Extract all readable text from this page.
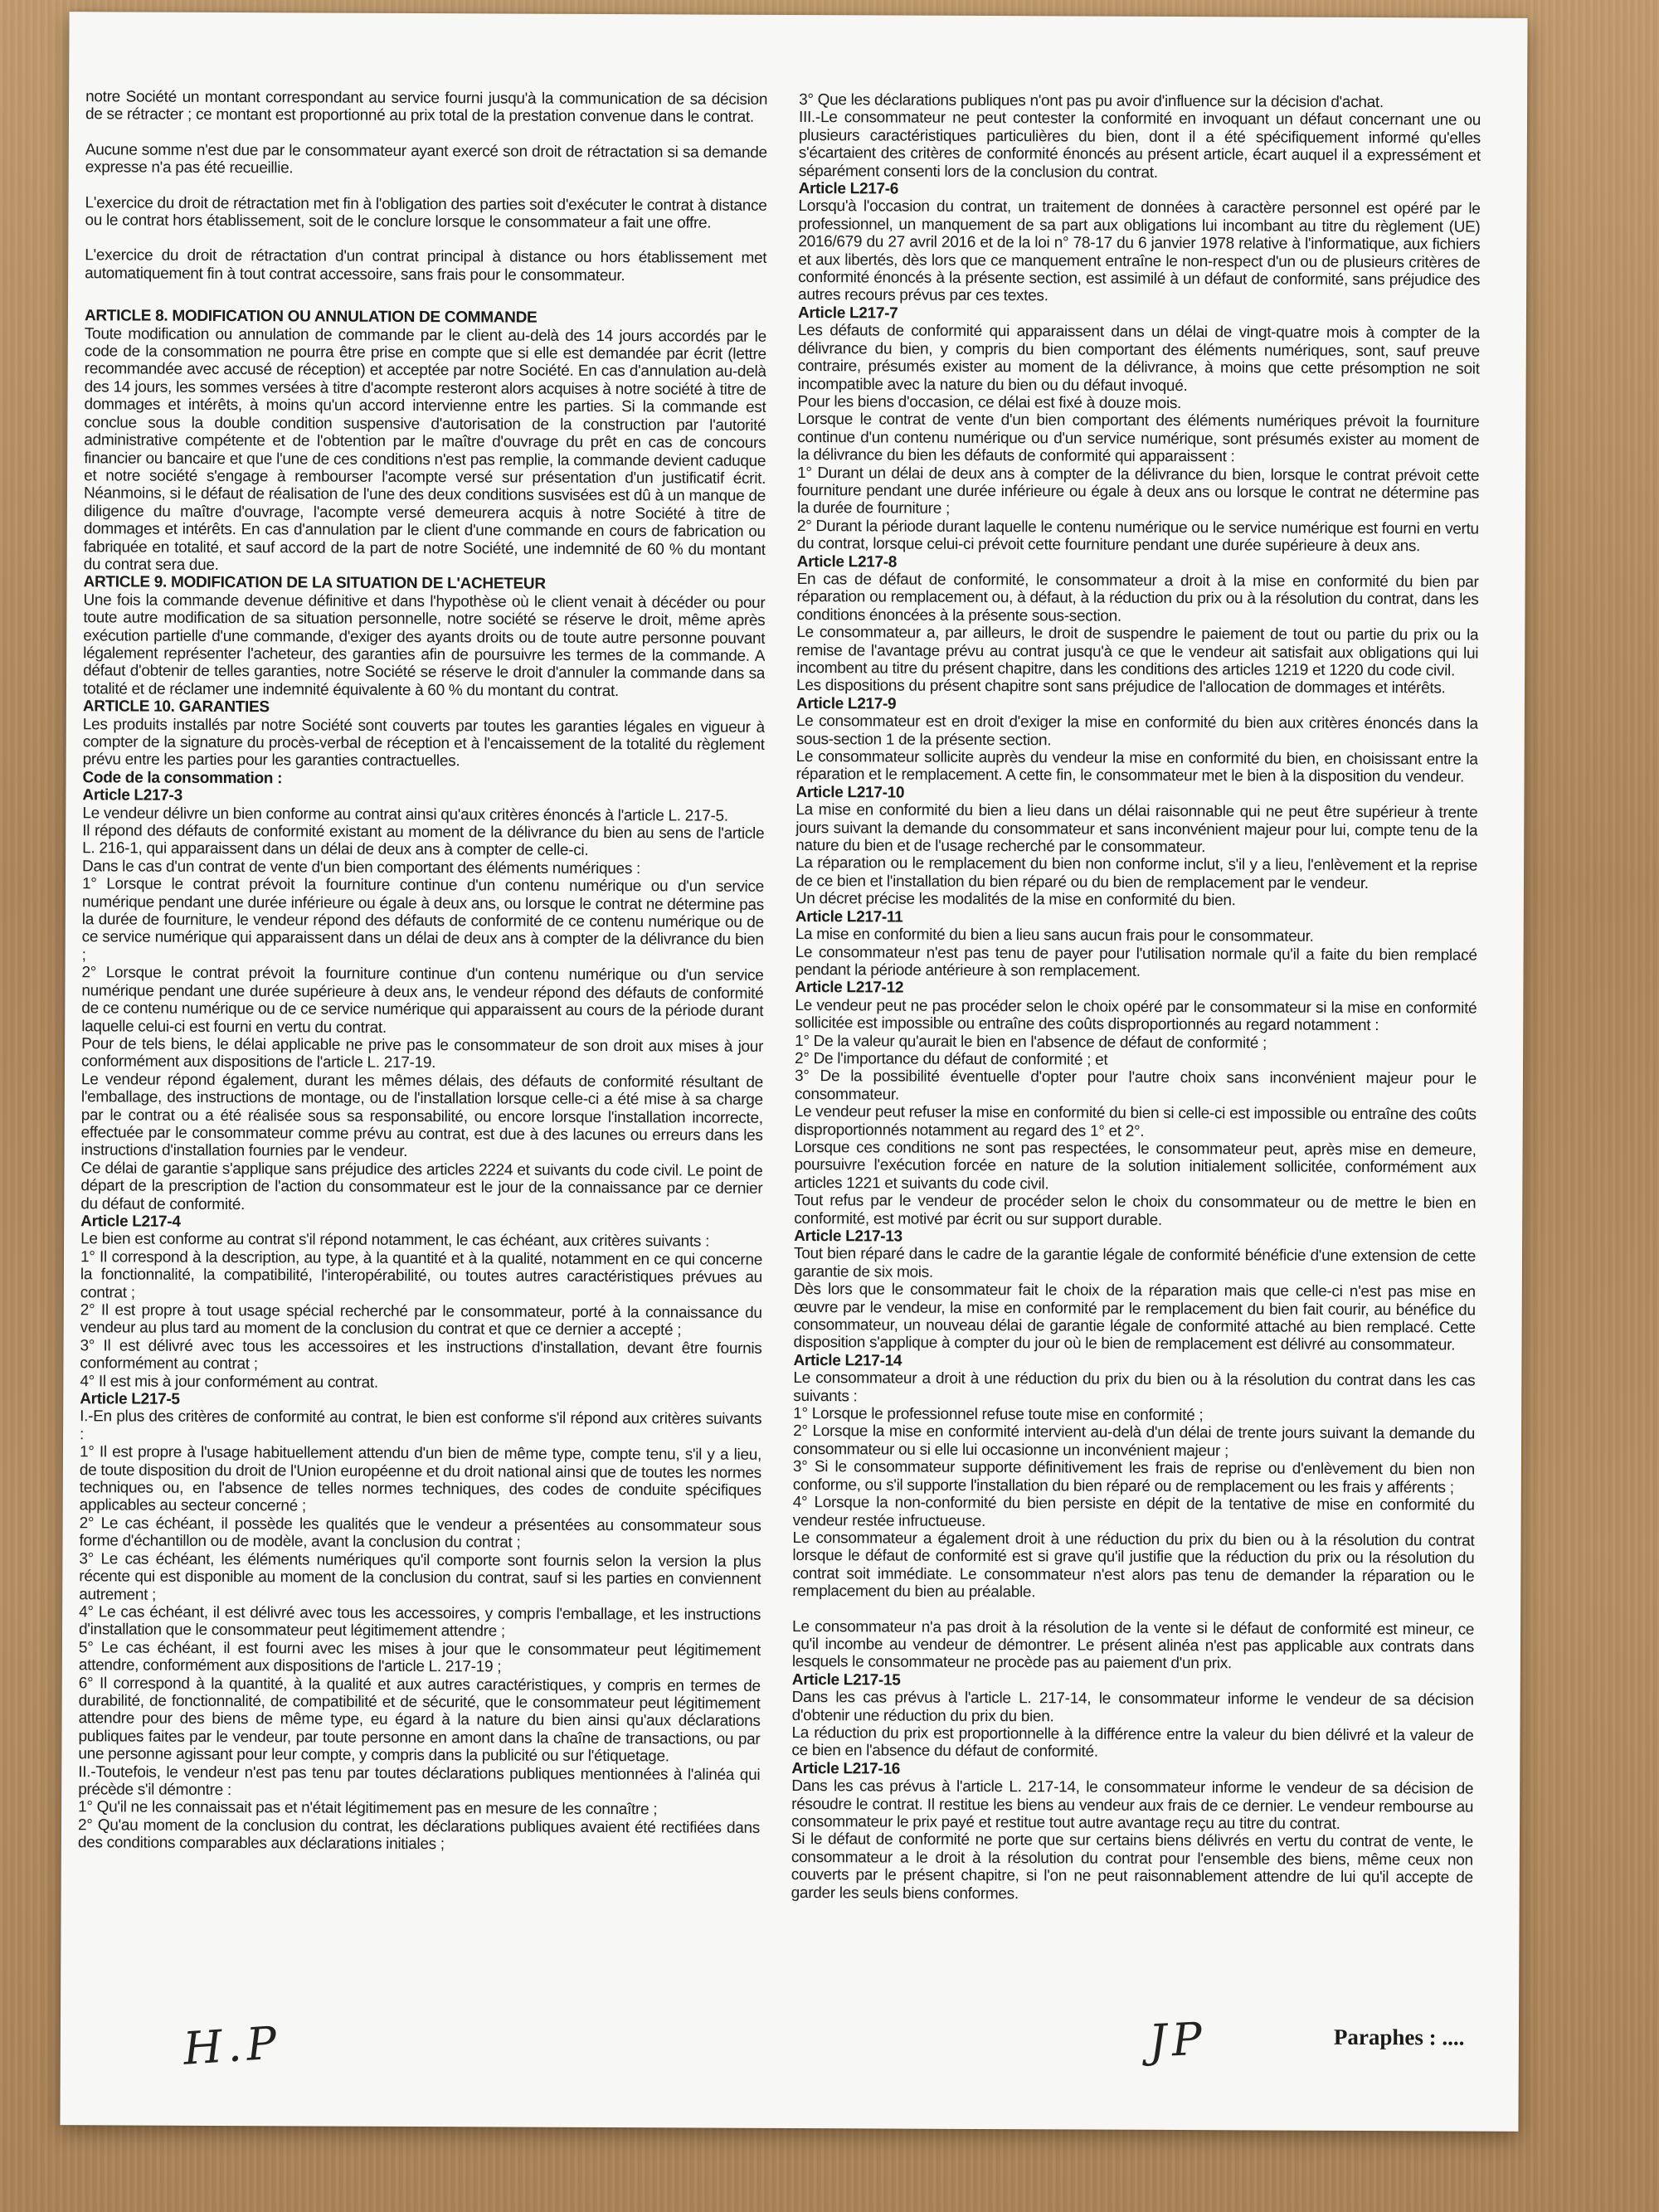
notre Société un montant correspondant au service fourni jusqu'à la communication de sa décision de se rétracter ; ce montant est proportionné au prix total de la prestation convenue dans le contrat.
Aucune somme n'est due par le consommateur ayant exercé son droit de rétractation si sa demande expresse n'a pas été recueillie.
L'exercice du droit de rétractation met fin à l'obligation des parties soit d'exécuter le contrat à distance ou le contrat hors établissement, soit de le conclure lorsque le consommateur a fait une offre.
L'exercice du droit de rétractation d'un contrat principal à distance ou hors établissement met automatiquement fin à tout contrat accessoire, sans frais pour le consommateur.
ARTICLE 8. MODIFICATION OU ANNULATION DE COMMANDE
Toute modification ou annulation de commande par le client au-delà des 14 jours accordés par le code de la consommation ne pourra être prise en compte que si elle est demandée par écrit (lettre recommandée avec accusé de réception) et acceptée par notre Société. En cas d'annulation au-delà des 14 jours, les sommes versées à titre d'acompte resteront alors acquises à notre société à titre de dommages et intérêts, à moins qu'un accord intervienne entre les parties. Si la commande est conclue sous la double condition suspensive d'autorisation de la construction par l'autorité administrative compétente et de l'obtention par le maître d'ouvrage du prêt en cas de concours financier ou bancaire et que l'une de ces conditions n'est pas remplie, la commande devient caduque et notre société s'engage à rembourser l'acompte versé sur présentation d'un justificatif écrit. Néanmoins, si le défaut de réalisation de l'une des deux conditions susvisées est dû à un manque de diligence du maître d'ouvrage, l'acompte versé demeurera acquis à notre Société à titre de dommages et intérêts. En cas d'annulation par le client d'une commande en cours de fabrication ou fabriquée en totalité, et sauf accord de la part de notre Société, une indemnité de 60 % du montant du contrat sera due.
ARTICLE 9. MODIFICATION DE LA SITUATION DE L'ACHETEUR
Une fois la commande devenue définitive et dans l'hypothèse où le client venait à décéder ou pour toute autre modification de sa situation personnelle, notre société se réserve le droit, même après exécution partielle d'une commande, d'exiger des ayants droits ou de toute autre personne pouvant légalement représenter l'acheteur, des garanties afin de poursuivre les termes de la commande. A défaut d'obtenir de telles garanties, notre Société se réserve le droit d'annuler la commande dans sa totalité et de réclamer une indemnité équivalente à 60 % du montant du contrat.
ARTICLE 10. GARANTIES
Les produits installés par notre Société sont couverts par toutes les garanties légales en vigueur à compter de la signature du procès-verbal de réception et à l'encaissement de la totalité du règlement prévu entre les parties pour les garanties contractuelles.
Code de la consommation :
Article L217-3
Le vendeur délivre un bien conforme au contrat ainsi qu'aux critères énoncés à l'article L. 217-5.
Il répond des défauts de conformité existant au moment de la délivrance du bien au sens de l'article L. 216-1, qui apparaissent dans un délai de deux ans à compter de celle-ci.
Dans le cas d'un contrat de vente d'un bien comportant des éléments numériques :
1° Lorsque le contrat prévoit la fourniture continue d'un contenu numérique ou d'un service numérique pendant une durée inférieure ou égale à deux ans, ou lorsque le contrat ne détermine pas la durée de fourniture, le vendeur répond des défauts de conformité de ce contenu numérique ou de ce service numérique qui apparaissent dans un délai de deux ans à compter de la délivrance du bien ;
2° Lorsque le contrat prévoit la fourniture continue d'un contenu numérique ou d'un service numérique pendant une durée supérieure à deux ans, le vendeur répond des défauts de conformité de ce contenu numérique ou de ce service numérique qui apparaissent au cours de la période durant laquelle celui-ci est fourni en vertu du contrat.
Pour de tels biens, le délai applicable ne prive pas le consommateur de son droit aux mises à jour conformément aux dispositions de l'article L. 217-19.
Le vendeur répond également, durant les mêmes délais, des défauts de conformité résultant de l'emballage, des instructions de montage, ou de l'installation lorsque celle-ci a été mise à sa charge par le contrat ou a été réalisée sous sa responsabilité, ou encore lorsque l'installation incorrecte, effectuée par le consommateur comme prévu au contrat, est due à des lacunes ou erreurs dans les instructions d'installation fournies par le vendeur.
Ce délai de garantie s'applique sans préjudice des articles 2224 et suivants du code civil. Le point de départ de la prescription de l'action du consommateur est le jour de la connaissance par ce dernier du défaut de conformité.
Article L217-4
Le bien est conforme au contrat s'il répond notamment, le cas échéant, aux critères suivants :
1° Il correspond à la description, au type, à la quantité et à la qualité, notamment en ce qui concerne la fonctionnalité, la compatibilité, l'interopérabilité, ou toutes autres caractéristiques prévues au contrat ;
2° Il est propre à tout usage spécial recherché par le consommateur, porté à la connaissance du vendeur au plus tard au moment de la conclusion du contrat et que ce dernier a accepté ;
3° Il est délivré avec tous les accessoires et les instructions d'installation, devant être fournis conformément au contrat ;
4° Il est mis à jour conformément au contrat.
Article L217-5
I.-En plus des critères de conformité au contrat, le bien est conforme s'il répond aux critères suivants :
1° Il est propre à l'usage habituellement attendu d'un bien de même type, compte tenu, s'il y a lieu, de toute disposition du droit de l'Union européenne et du droit national ainsi que de toutes les normes techniques ou, en l'absence de telles normes techniques, des codes de conduite spécifiques applicables au secteur concerné ;
2° Le cas échéant, il possède les qualités que le vendeur a présentées au consommateur sous forme d'échantillon ou de modèle, avant la conclusion du contrat ;
3° Le cas échéant, les éléments numériques qu'il comporte sont fournis selon la version la plus récente qui est disponible au moment de la conclusion du contrat, sauf si les parties en conviennent autrement ;
4° Le cas échéant, il est délivré avec tous les accessoires, y compris l'emballage, et les instructions d'installation que le consommateur peut légitimement attendre ;
5° Le cas échéant, il est fourni avec les mises à jour que le consommateur peut légitimement attendre, conformément aux dispositions de l'article L. 217-19 ;
6° Il correspond à la quantité, à la qualité et aux autres caractéristiques, y compris en termes de durabilité, de fonctionnalité, de compatibilité et de sécurité, que le consommateur peut légitimement attendre pour des biens de même type, eu égard à la nature du bien ainsi qu'aux déclarations publiques faites par le vendeur, par toute personne en amont dans la chaîne de transactions, ou par une personne agissant pour leur compte, y compris dans la publicité ou sur l'étiquetage.
II.-Toutefois, le vendeur n'est pas tenu par toutes déclarations publiques mentionnées à l'alinéa qui précède s'il démontre :
1° Qu'il ne les connaissait pas et n'était légitimement pas en mesure de les connaître ;
2° Qu'au moment de la conclusion du contrat, les déclarations publiques avaient été rectifiées dans des conditions comparables aux déclarations initiales ;
3° Que les déclarations publiques n'ont pas pu avoir d'influence sur la décision d'achat.
III.-Le consommateur ne peut contester la conformité en invoquant un défaut concernant une ou plusieurs caractéristiques particulières du bien, dont il a été spécifiquement informé qu'elles s'écartaient des critères de conformité énoncés au présent article, écart auquel il a expressément et séparément consenti lors de la conclusion du contrat.
Article L217-6
Lorsqu'à l'occasion du contrat, un traitement de données à caractère personnel est opéré par le professionnel, un manquement de sa part aux obligations lui incombant au titre du règlement (UE) 2016/679 du 27 avril 2016 et de la loi n° 78-17 du 6 janvier 1978 relative à l'informatique, aux fichiers et aux libertés, dès lors que ce manquement entraîne le non-respect d'un ou de plusieurs critères de conformité énoncés à la présente section, est assimilé à un défaut de conformité, sans préjudice des autres recours prévus par ces textes.
Article L217-7
Les défauts de conformité qui apparaissent dans un délai de vingt-quatre mois à compter de la délivrance du bien, y compris du bien comportant des éléments numériques, sont, sauf preuve contraire, présumés exister au moment de la délivrance, à moins que cette présomption ne soit incompatible avec la nature du bien ou du défaut invoqué.
Pour les biens d'occasion, ce délai est fixé à douze mois.
Lorsque le contrat de vente d'un bien comportant des éléments numériques prévoit la fourniture continue d'un contenu numérique ou d'un service numérique, sont présumés exister au moment de la délivrance du bien les défauts de conformité qui apparaissent :
1° Durant un délai de deux ans à compter de la délivrance du bien, lorsque le contrat prévoit cette fourniture pendant une durée inférieure ou égale à deux ans ou lorsque le contrat ne détermine pas la durée de fourniture ;
2° Durant la période durant laquelle le contenu numérique ou le service numérique est fourni en vertu du contrat, lorsque celui-ci prévoit cette fourniture pendant une durée supérieure à deux ans.
Article L217-8
En cas de défaut de conformité, le consommateur a droit à la mise en conformité du bien par réparation ou remplacement ou, à défaut, à la réduction du prix ou à la résolution du contrat, dans les conditions énoncées à la présente sous-section.
Le consommateur a, par ailleurs, le droit de suspendre le paiement de tout ou partie du prix ou la remise de l'avantage prévu au contrat jusqu'à ce que le vendeur ait satisfait aux obligations qui lui incombent au titre du présent chapitre, dans les conditions des articles 1219 et 1220 du code civil.
Les dispositions du présent chapitre sont sans préjudice de l'allocation de dommages et intérêts.
Article L217-9
Le consommateur est en droit d'exiger la mise en conformité du bien aux critères énoncés dans la sous-section 1 de la présente section.
Le consommateur sollicite auprès du vendeur la mise en conformité du bien, en choisissant entre la réparation et le remplacement. A cette fin, le consommateur met le bien à la disposition du vendeur.
Article L217-10
La mise en conformité du bien a lieu dans un délai raisonnable qui ne peut être supérieur à trente jours suivant la demande du consommateur et sans inconvénient majeur pour lui, compte tenu de la nature du bien et de l'usage recherché par le consommateur.
La réparation ou le remplacement du bien non conforme inclut, s'il y a lieu, l'enlèvement et la reprise de ce bien et l'installation du bien réparé ou du bien de remplacement par le vendeur.
Un décret précise les modalités de la mise en conformité du bien.
Article L217-11
La mise en conformité du bien a lieu sans aucun frais pour le consommateur.
Le consommateur n'est pas tenu de payer pour l'utilisation normale qu'il a faite du bien remplacé pendant la période antérieure à son remplacement.
Article L217-12
Le vendeur peut ne pas procéder selon le choix opéré par le consommateur si la mise en conformité sollicitée est impossible ou entraîne des coûts disproportionnés au regard notamment :
1° De la valeur qu'aurait le bien en l'absence de défaut de conformité ;
2° De l'importance du défaut de conformité ; et
3° De la possibilité éventuelle d'opter pour l'autre choix sans inconvénient majeur pour le consommateur.
Le vendeur peut refuser la mise en conformité du bien si celle-ci est impossible ou entraîne des coûts disproportionnés notamment au regard des 1° et 2°.
Lorsque ces conditions ne sont pas respectées, le consommateur peut, après mise en demeure, poursuivre l'exécution forcée en nature de la solution initialement sollicitée, conformément aux articles 1221 et suivants du code civil.
Tout refus par le vendeur de procéder selon le choix du consommateur ou de mettre le bien en conformité, est motivé par écrit ou sur support durable.
Article L217-13
Tout bien réparé dans le cadre de la garantie légale de conformité bénéficie d'une extension de cette garantie de six mois.
Dès lors que le consommateur fait le choix de la réparation mais que celle-ci n'est pas mise en œuvre par le vendeur, la mise en conformité par le remplacement du bien fait courir, au bénéfice du consommateur, un nouveau délai de garantie légale de conformité attaché au bien remplacé. Cette disposition s'applique à compter du jour où le bien de remplacement est délivré au consommateur.
Article L217-14
Le consommateur a droit à une réduction du prix du bien ou à la résolution du contrat dans les cas suivants :
1° Lorsque le professionnel refuse toute mise en conformité ;
2° Lorsque la mise en conformité intervient au-delà d'un délai de trente jours suivant la demande du consommateur ou si elle lui occasionne un inconvénient majeur ;
3° Si le consommateur supporte définitivement les frais de reprise ou d'enlèvement du bien non conforme, ou s'il supporte l'installation du bien réparé ou de remplacement ou les frais y afférents ;
4° Lorsque la non-conformité du bien persiste en dépit de la tentative de mise en conformité du vendeur restée infructueuse.
Le consommateur a également droit à une réduction du prix du bien ou à la résolution du contrat lorsque le défaut de conformité est si grave qu'il justifie que la réduction du prix ou la résolution du contrat soit immédiate. Le consommateur n'est alors pas tenu de demander la réparation ou le remplacement du bien au préalable.
Le consommateur n'a pas droit à la résolution de la vente si le défaut de conformité est mineur, ce qu'il incombe au vendeur de démontrer. Le présent alinéa n'est pas applicable aux contrats dans lesquels le consommateur ne procède pas au paiement d'un prix.
Article L217-15
Dans les cas prévus à l'article L. 217-14, le consommateur informe le vendeur de sa décision d'obtenir une réduction du prix du bien.
La réduction du prix est proportionnelle à la différence entre la valeur du bien délivré et la valeur de ce bien en l'absence du défaut de conformité.
Article L217-16
Dans les cas prévus à l'article L. 217-14, le consommateur informe le vendeur de sa décision de résoudre le contrat. Il restitue les biens au vendeur aux frais de ce dernier. Le vendeur rembourse au consommateur le prix payé et restitue tout autre avantage reçu au titre du contrat.
Si le défaut de conformité ne porte que sur certains biens délivrés en vertu du contrat de vente, le consommateur a le droit à la résolution du contrat pour l'ensemble des biens, même ceux non couverts par le présent chapitre, si l'on ne peut raisonnablement attendre de lui qu'il accepte de garder les seuls biens conformes.
H.P	JP	Paraphes : ....
